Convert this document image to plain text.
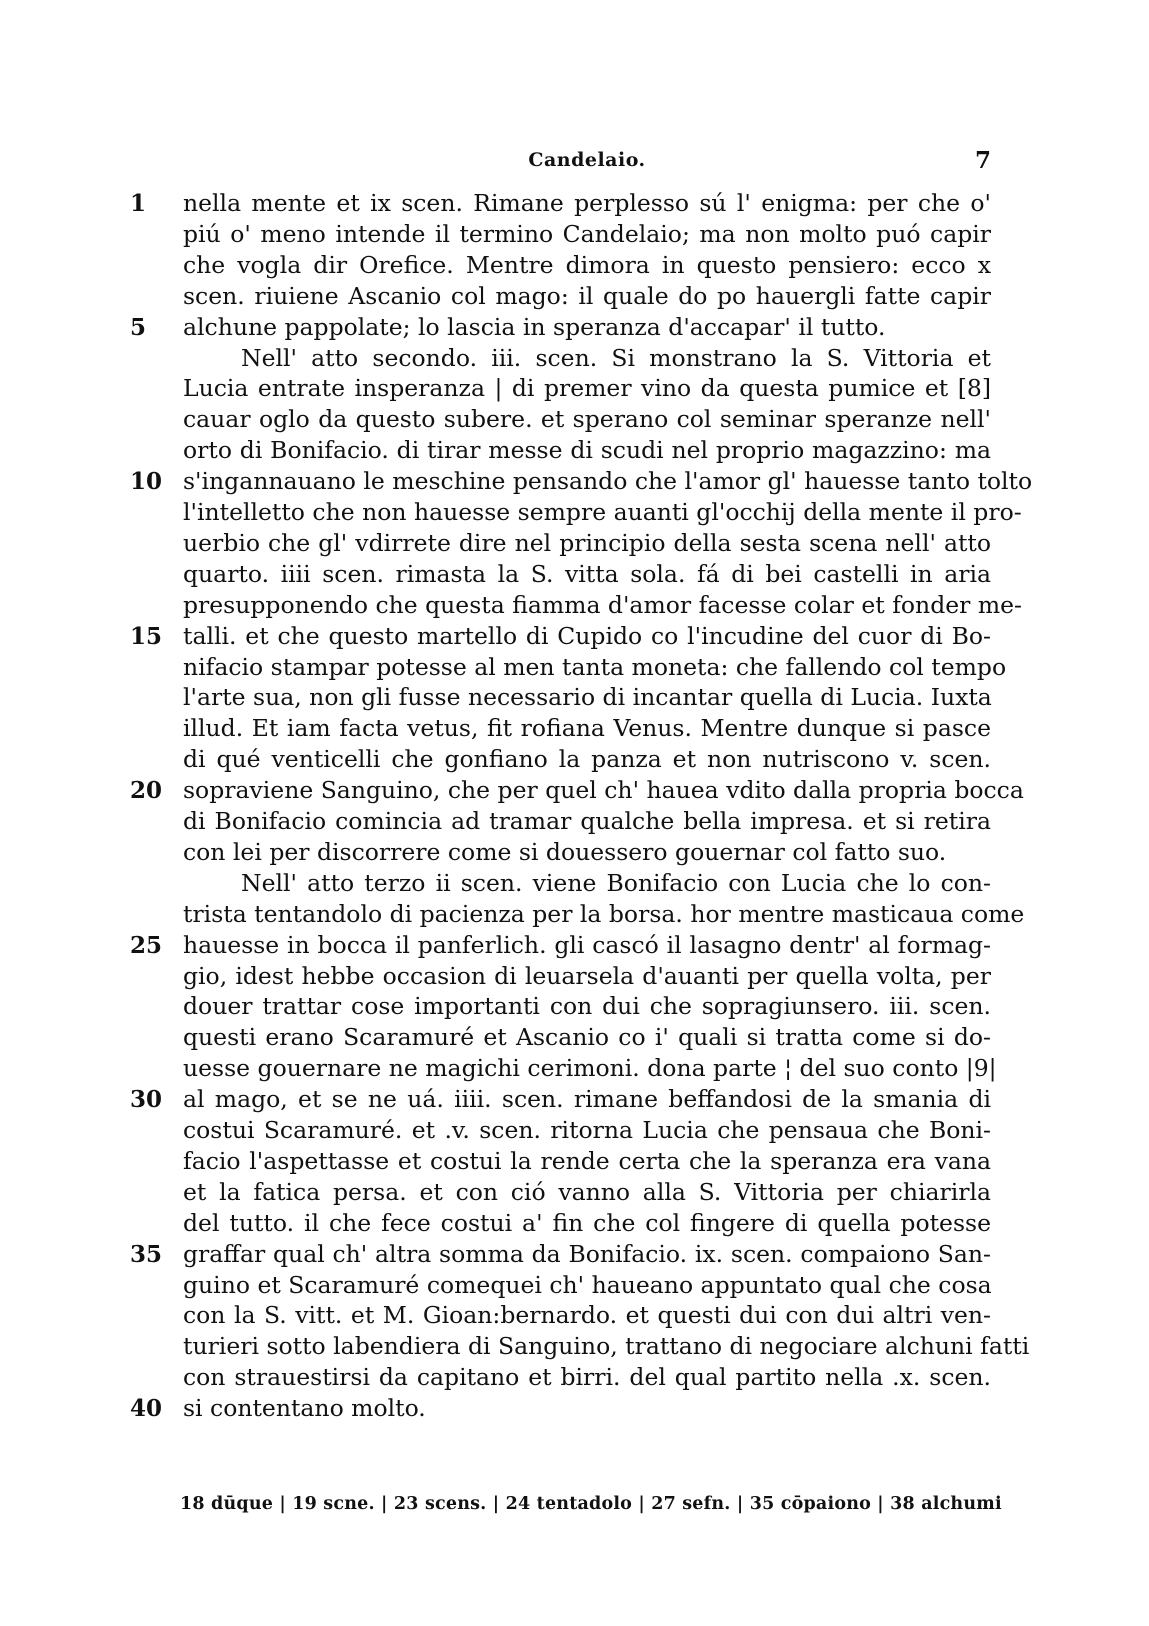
Candelaio.	7
1	nella mente et ix scen. Rimane perplesso sú l' enigma: per che o'
piú o' meno intende il termino Candelaio; ma non molto puó capir
che vogla dir Orefice. Mentre dimora in questo pensiero: ecco x
scen. riuiene Ascanio col mago: il quale do po hauergli fatte capir
5	alchune pappolate; lo lascia in speranza d'accapar' il tutto.
Nell' atto secondo. iii. scen. Si monstrano la S. Vittoria et
Lucia entrate insperanza | di premer vino da questa pumice et [8]
cauar oglo da questo subere. et sperano col seminar speranze nell'
orto di Bonifacio. di tirar messe di scudi nel proprio magazzino: ma
10 s'ingannauano le meschine pensando che l'amor gl' hauesse tanto tolto
l'intelletto che non hauesse sempre auanti gl'occhij della mente il pro-
uerbio che gl' vdirrete dire nel principio della sesta scena nell' atto
quarto. iiii scen. rimasta la S. vitta sola. fá di bei castelli in aria
presupponendo che questa fiamma d'amor facesse colar et fonder me-
15 talli. et che questo martello di Cupido co l'incudine del cuor di Bo-
nifacio stampar potesse al men tanta moneta: che fallendo col tempo
l'arte sua, non gli fusse necessario di incantar quella di Lucia. Iuxta
illud. Et iam facta vetus, fit rofiana Venus. Mentre dunque si pasce
di qué venticelli che gonfiano la panza et non nutriscono v. scen.
20 sopraviene Sanguino, che per quel ch' hauea vdito dalla propria bocca
di Bonifacio comincia ad tramar qualche bella impresa. et si retira
con lei per discorrere come si douessero gouernar col fatto suo.
Nell' atto terzo ii scen. viene Bonifacio con Lucia che lo con-
trista tentandolo di pacienza per la borsa. hor mentre masticaua come
25 hauesse in bocca il panferlich. gli cascó il lasagno dentr' al formag-
gio, idest hebbe occasion di leuarsela d'auanti per quella volta, per
douer trattar cose importanti con dui che sopragiunsero. iii. scen.
questi erano Scaramuré et Ascanio co i' quali si tratta come si do-
uesse gouernare ne magichi cerimoni. dona parte ¦ del suo conto |9|
30 al mago, et se ne uá. iiii. scen. rimane beffandosi de la smania di
costui Scaramuré. et .v. scen. ritorna Lucia che pensaua che Boni-
facio l'aspettasse et costui la rende certa che la speranza era vana
et la fatica persa. et con ció vanno alla S. Vittoria per chiarirla
del tutto. il che fece costui a' fin che col fingere di quella potesse
35 graffar qual ch' altra somma da Bonifacio. ix. scen. compaiono San-
guino et Scaramuré comequei ch' haueano appuntato qual che cosa
con la S. vitt. et M. Gioan:bernardo. et questi dui con dui altri ven-
turieri sotto labendiera di Sanguino, trattano di negociare alchuni fatti
con strauestirsi da capitano et birri. del qual partito nella .x. scen.
40 si contentano molto.
18 dūque | 19 scne. | 23 scens. | 24 tentadolo | 27 sefn. | 35 cōpaiono | 38 alchumi
